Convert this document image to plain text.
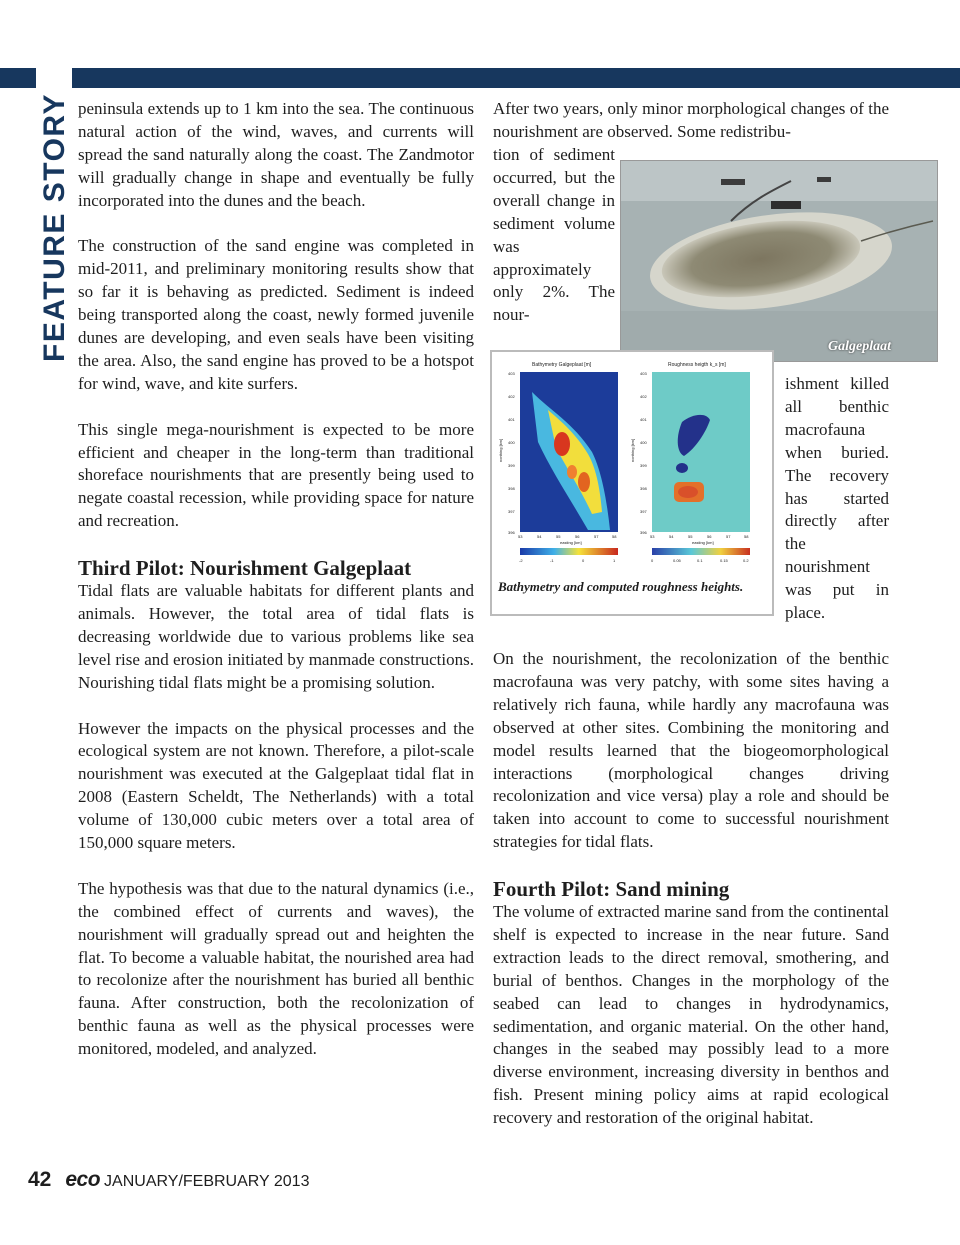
FEATURE STORY peninsula extends up to 1 km into the sea. The continuous natural action of the wind, waves, and currents will spread the sand naturally along the coast. The Zandmotor will gradually change in shape and eventually be fully incorporated into the dunes and the beach.

The construction of the sand engine was completed in mid-2011, and preliminary monitoring results show that so far it is behaving as predicted. Sediment is indeed being transported along the coast, newly formed juvenile dunes are developing, and even seals have been visiting the area. Also, the sand engine has proved to be a hotspot for wind, wave, and kite surfers.

This single mega-nourishment is expected to be more efficient and cheaper in the long-term than traditional shoreface nourishments that are presently being used to negate coastal recession, while providing space for nature and recreation.

Third Pilot: Nourishment Galgeplaat

Tidal flats are valuable habitats for different plants and animals. However, the total area of tidal flats is decreasing worldwide due to various problems like sea level rise and erosion initiated by manmade constructions. Nourishing tidal flats might be a promising solution.

However the impacts on the physical processes and the ecological system are not known. Therefore, a pilot-scale nourishment was executed at the Galgeplaat tidal flat in 2008 (Eastern Scheldt, The Netherlands) with a total volume of 130,000 cubic meters over a total area of 150,000 square meters.

The hypothesis was that due to the natural dynamics (i.e., the combined effect of currents and waves), the nourishment will gradually spread out and heighten the flat. To become a valuable habitat, the nourished area had to recolonize after the nourishment has buried all benthic fauna. After construction, both the recolonization of benthic fauna as well as the physical processes were monitored, modeled, and analyzed.

After two years, only minor morphological changes of the nourishment are observed. Some redistribu-

tion of sediment occurred, but the overall change in sediment volume was approximately only 2%. The nour-

Galgeplaat
Bathymetry Galgeplaat [m]
403
402
401
400
399
398
397
396
northing [km]
53	54	55	56	57	58
easting [km]
-2	-1	0	1
Roughness heigth k_s [m]
403
402
401
400
399
398
397
396
northing [km]
53	54	55	56	57	58
easting [km]
0	0.05	0.1	0.15	0.2
Bathymetry and computed roughness heights.

ishment killed all benthic macrofauna when buried. The recovery has started directly after the nourishment was put in place.

On the nourishment, the recolonization of the benthic macrofauna was very patchy, with some sites having a relatively rich fauna, while hardly any macrofauna was observed at other sites. Combining the monitoring and model results learned that the biogeomorphological interactions (morphological changes driving recolonization and vice versa) play a role and should be taken into account to come to successful nourishment strategies for tidal flats.

Fourth Pilot: Sand mining

The volume of extracted marine sand from the continental shelf is expected to increase in the near future. Sand extraction leads to the direct removal, smothering, and burial of benthos. Changes in the morphology of the seabed can lead to changes in hydrodynamics, sedimentation, and organic material. On the other hand, changes in the seabed may possibly lead to a more diverse environment, increasing diversity in benthos and fish. Present mining policy aims at rapid ecological recovery and restoration of the original habitat.

42 eco JANUARY/FEBRUARY 2013
